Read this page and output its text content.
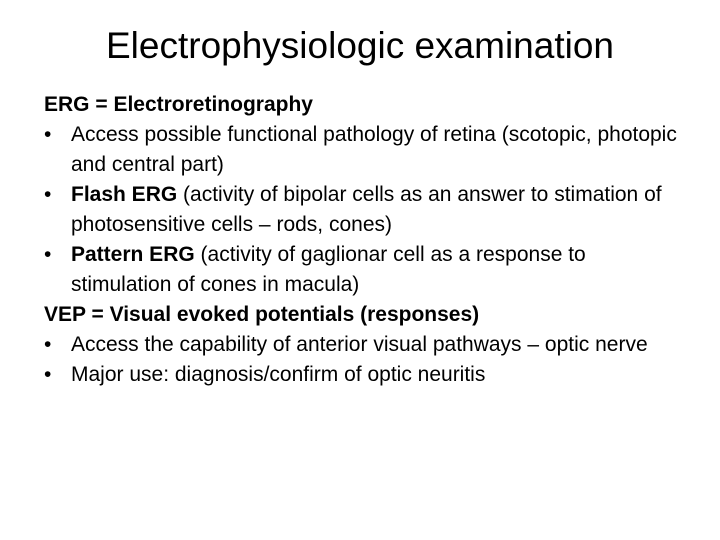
Electrophysiologic examination

ERG = Electroretinography

• Access possible functional pathology of retina (scotopic, photopic and central part)
• Flash ERG (activity of bipolar cells as an answer to stimation of photosensitive cells – rods, cones)
• Pattern ERG (activity of gaglionar cell as a response to stimulation of cones in macula)

VEP = Visual evoked potentials (responses)

• Access the capability of anterior visual pathways – optic nerve
• Major use: diagnosis/confirm of optic neuritis
